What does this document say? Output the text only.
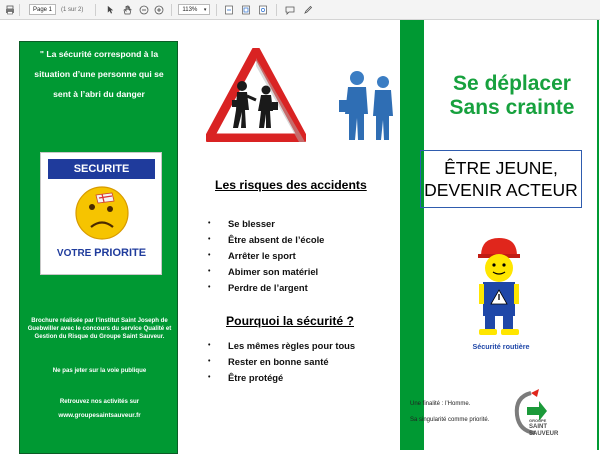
Page 1	(1 sur 2)	113% ▾
" La sécurité correspond à la situation d’une personne qui se sent à l’abri du danger
SECURITE
VOTRE PRIORITE
Brochure réalisée par l’institut Saint Joseph de Guebwiller avec le concours du service Qualité et Gestion du Risque du Groupe Saint Sauveur.
Ne pas jeter sur la voie publique
Retrouvez nos activités sur
www.groupesaintsauveur.fr
Les risques des accidents
• Se blesser
• Être absent de l’école
• Arrêter le sport
• Abimer son matériel
• Perdre de l’argent
Pourquoi la sécurité ?
• Les mêmes règles pour tous
• Rester en bonne santé
• Être protégé
Se déplacer
Sans crainte
ÊTRE JEUNE,
DEVENIR ACTEUR
Sécurité routière
Une finalité : l’Homme.
Sa singularité comme priorité.	GROUPE
SAINT
SAUVEUR
